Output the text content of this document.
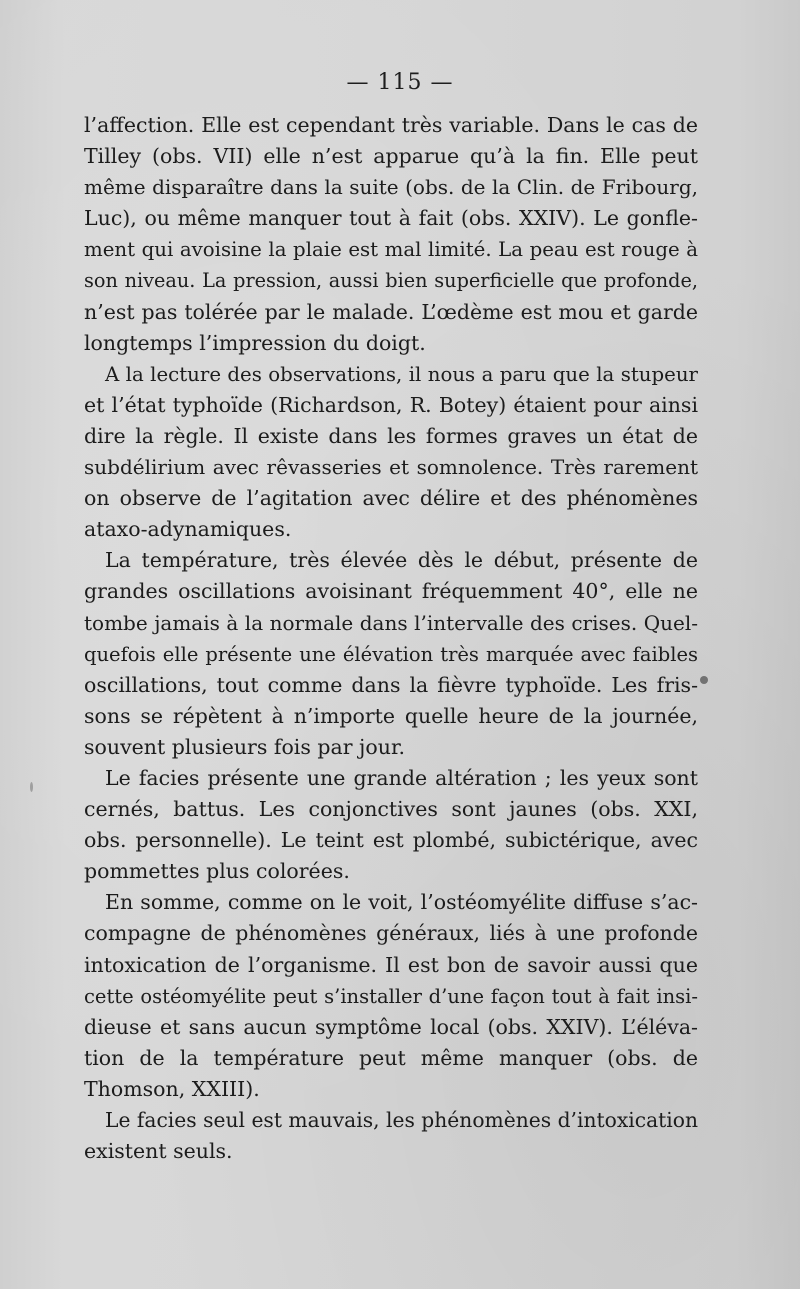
— 115 —

l’affection. Elle est cependant très variable. Dans le cas de

Tilley (obs. VII) elle n’est apparue qu’à la fin. Elle peut

même disparaître dans la suite (obs. de la Clin. de Fribourg,

Luc), ou même manquer tout à fait (obs. XXIV). Le gonfle-

ment qui avoisine la plaie est mal limité. La peau est rouge à

son niveau. La pression, aussi bien superficielle que profonde,

n’est pas tolérée par le malade. L’œdème est mou et garde

longtemps l’impression du doigt.

A la lecture des observations, il nous a paru que la stupeur

et l’état typhoïde (Richardson, R. Botey) étaient pour ainsi

dire la règle. Il existe dans les formes graves un état de

subdélirium avec rêvasseries et somnolence. Très rarement

on observe de l’agitation avec délire et des phénomènes

ataxo-adynamiques.

La température, très élevée dès le début, présente de

grandes oscillations avoisinant fréquemment 40°, elle ne

tombe jamais à la normale dans l’intervalle des crises. Quel-

quefois elle présente une élévation très marquée avec faibles

oscillations, tout comme dans la fièvre typhoïde. Les fris-

sons se répètent à n’importe quelle heure de la journée,

souvent plusieurs fois par jour.

Le facies présente une grande altération ; les yeux sont

cernés, battus. Les conjonctives sont jaunes (obs. XXI,

obs. personnelle). Le teint est plombé, subictérique, avec

pommettes plus colorées.

En somme, comme on le voit, l’ostéomyélite diffuse s’ac-

compagne de phénomènes généraux, liés à une profonde

intoxication de l’organisme. Il est bon de savoir aussi que

cette ostéomyélite peut s’installer d’une façon tout à fait insi-

dieuse et sans aucun symptôme local (obs. XXIV). L’éléva-

tion de la température peut même manquer (obs. de

Thomson, XXIII).

Le facies seul est mauvais, les phénomènes d’intoxication

existent seuls.
